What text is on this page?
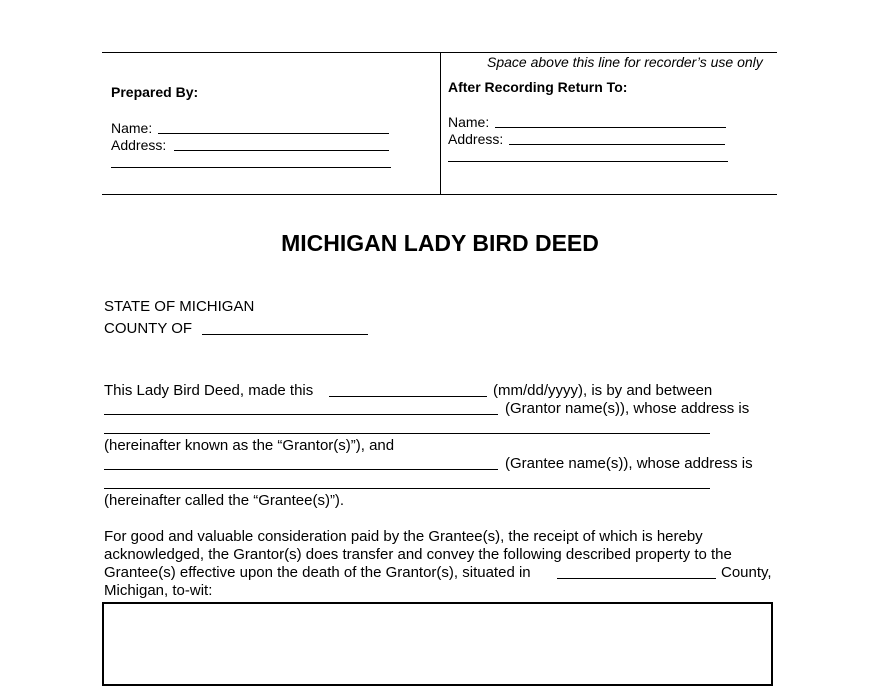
Space above this line for recorder’s use only
Prepared By:
Name:
Address:
After Recording Return To:
Name:
Address:
MICHIGAN LADY BIRD DEED
STATE OF MICHIGAN
COUNTY OF
This Lady Bird Deed, made this	(mm/dd/yyyy), is by and between
(Grantor name(s)), whose address is
(hereinafter known as the “Grantor(s)”), and
(Grantee name(s)), whose address is
(hereinafter called the “Grantee(s)”).
For good and valuable consideration paid by the Grantee(s), the receipt of which is hereby
acknowledged, the Grantor(s) does transfer and convey the following described property to the
Grantee(s) effective upon the death of the Grantor(s), situated in	County,
Michigan, to-wit:
